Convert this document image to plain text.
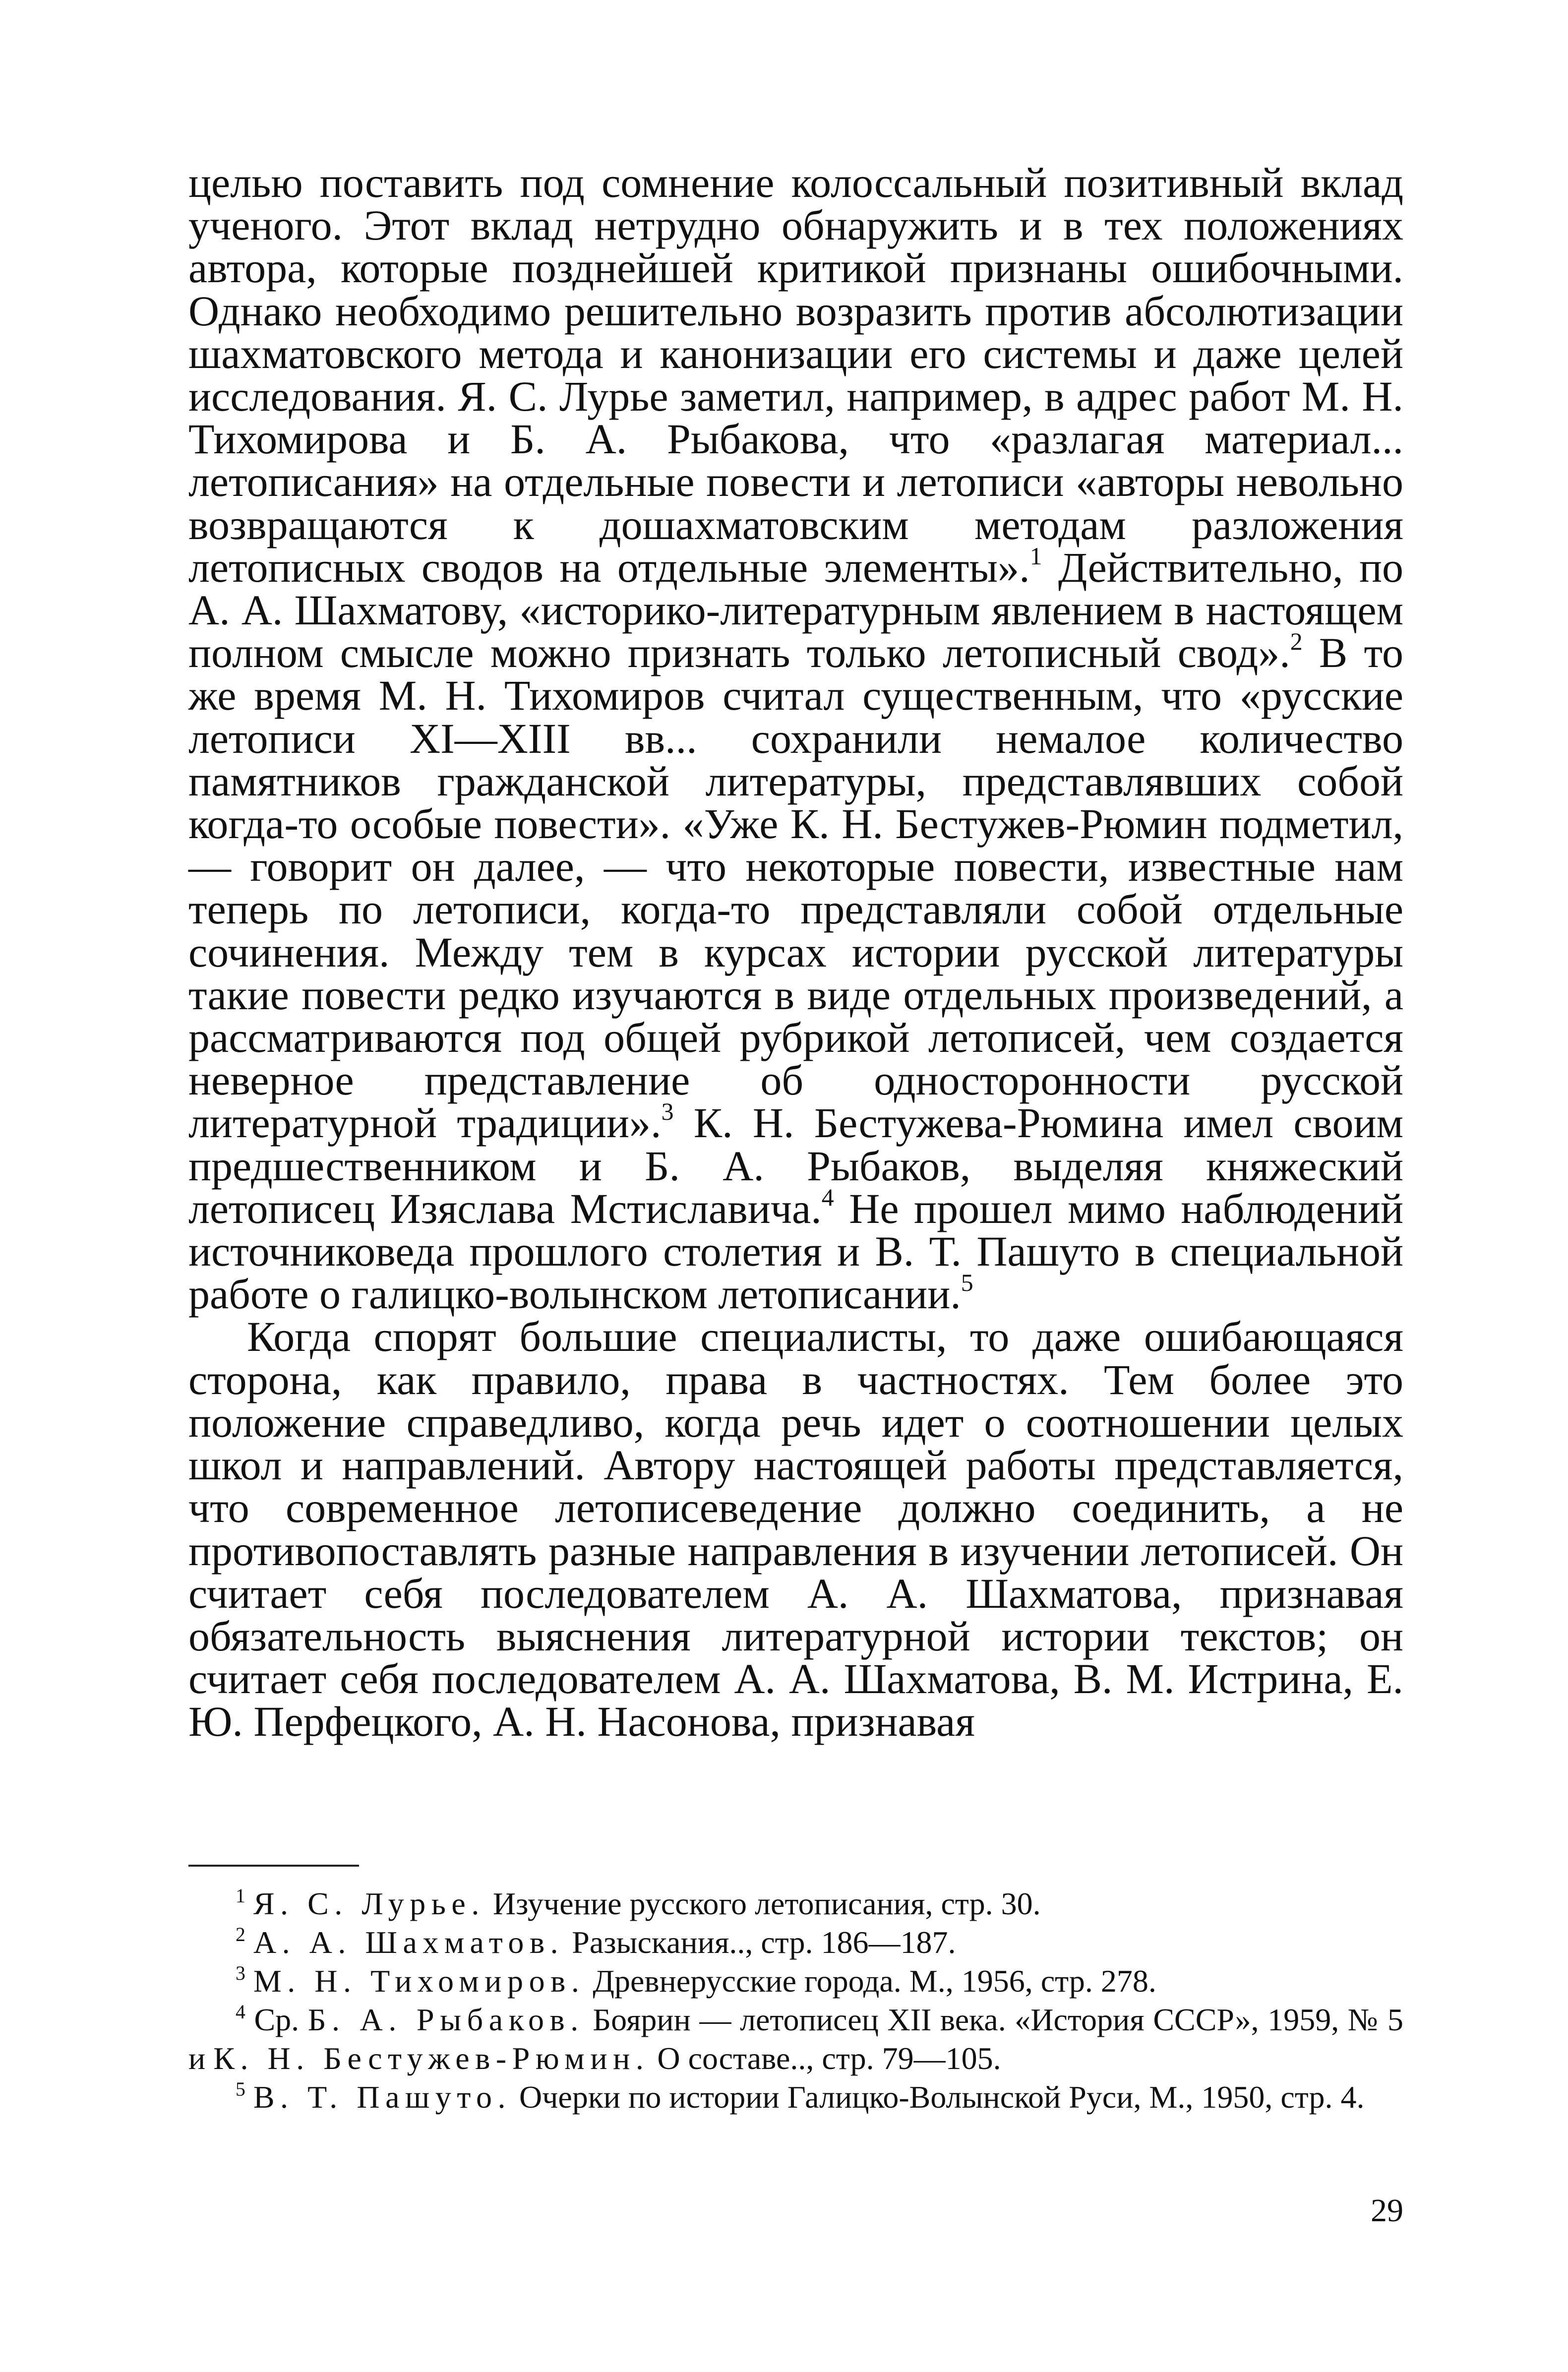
целью поставить под сомнение колоссальный позитивный вклад ученого. Этот вклад нетрудно обнаружить и в тех положениях автора, которые позднейшей критикой признаны ошибочными. Однако необходимо решительно возразить против абсолютизации шахматовского метода и канонизации его системы и даже целей исследования. Я. С. Лурье заметил, например, в адрес работ М. Н. Тихомирова и Б. А. Рыбакова, что «разлагая материал... летописания» на отдельные повести и летописи «авторы невольно возвращаются к дошахматовским методам разложения летописных сводов на отдельные элементы».$^1$ Действительно, по А. А. Шахматову, «историко-литературным явлением в настоящем полном смысле можно признать только летописный свод».$^2$ В то же время М. Н. Тихомиров считал существенным, что «русские летописи XI—XIII вв... сохранили немалое количество памятников гражданской литературы, представлявших собой когда-то особые повести». «Уже К. Н. Бестужев-Рюмин подметил, — говорит он далее, — что некоторые повести, известные нам теперь по летописи, когда-то представляли собой отдельные сочинения. Между тем в курсах истории русской литературы такие повести редко изучаются в виде отдельных произведений, а рассматриваются под общей рубрикой летописей, чем создается неверное представление об односторонности русской литературной традиции».$^3$ К. Н. Бестужева-Рюмина имел своим предшественником и Б. А. Рыбаков, выделяя княжеский летописец Изяслава Мстиславича.$^4$ Не прошел мимо наблюдений источниковеда прошлого столетия и В. Т. Пашуто в специальной работе о галицко-волынском летописании.$^5$

Когда спорят большие специалисты, то даже ошибающаяся сторона, как правило, права в частностях. Тем более это положение справедливо, когда речь идет о соотношении целых школ и направлений. Автору настоящей работы представляется, что современное летописеведение должно соединить, а не противопоставлять разные направления в изучении летописей. Он считает себя последователем А. А. Шахматова, признавая обязательность выяснения литературной истории текстов; он считает себя последователем А. А. Шахматова, В. М. Истрина, Е. Ю. Перфецкого, А. Н. Насонова, признавая

$^1$ Я. С. Лурье. Изучение русского летописания, стр. 30.

$^2$ А. А. Шахматов. Разыскания.., стр. 186—187.

$^3$ М. Н. Тихомиров. Древнерусские города. М., 1956, стр. 278.

$^4$ Ср. Б. А. Рыбаков. Боярин — летописец XII века. «История СССР», 1959, № 5 и К. Н. Бестужев-Рюмин. О составе.., стр. 79—105.

$^5$ В. Т. Пашуто. Очерки по истории Галицко-Волынской Руси, М., 1950, стр. 4.

29
